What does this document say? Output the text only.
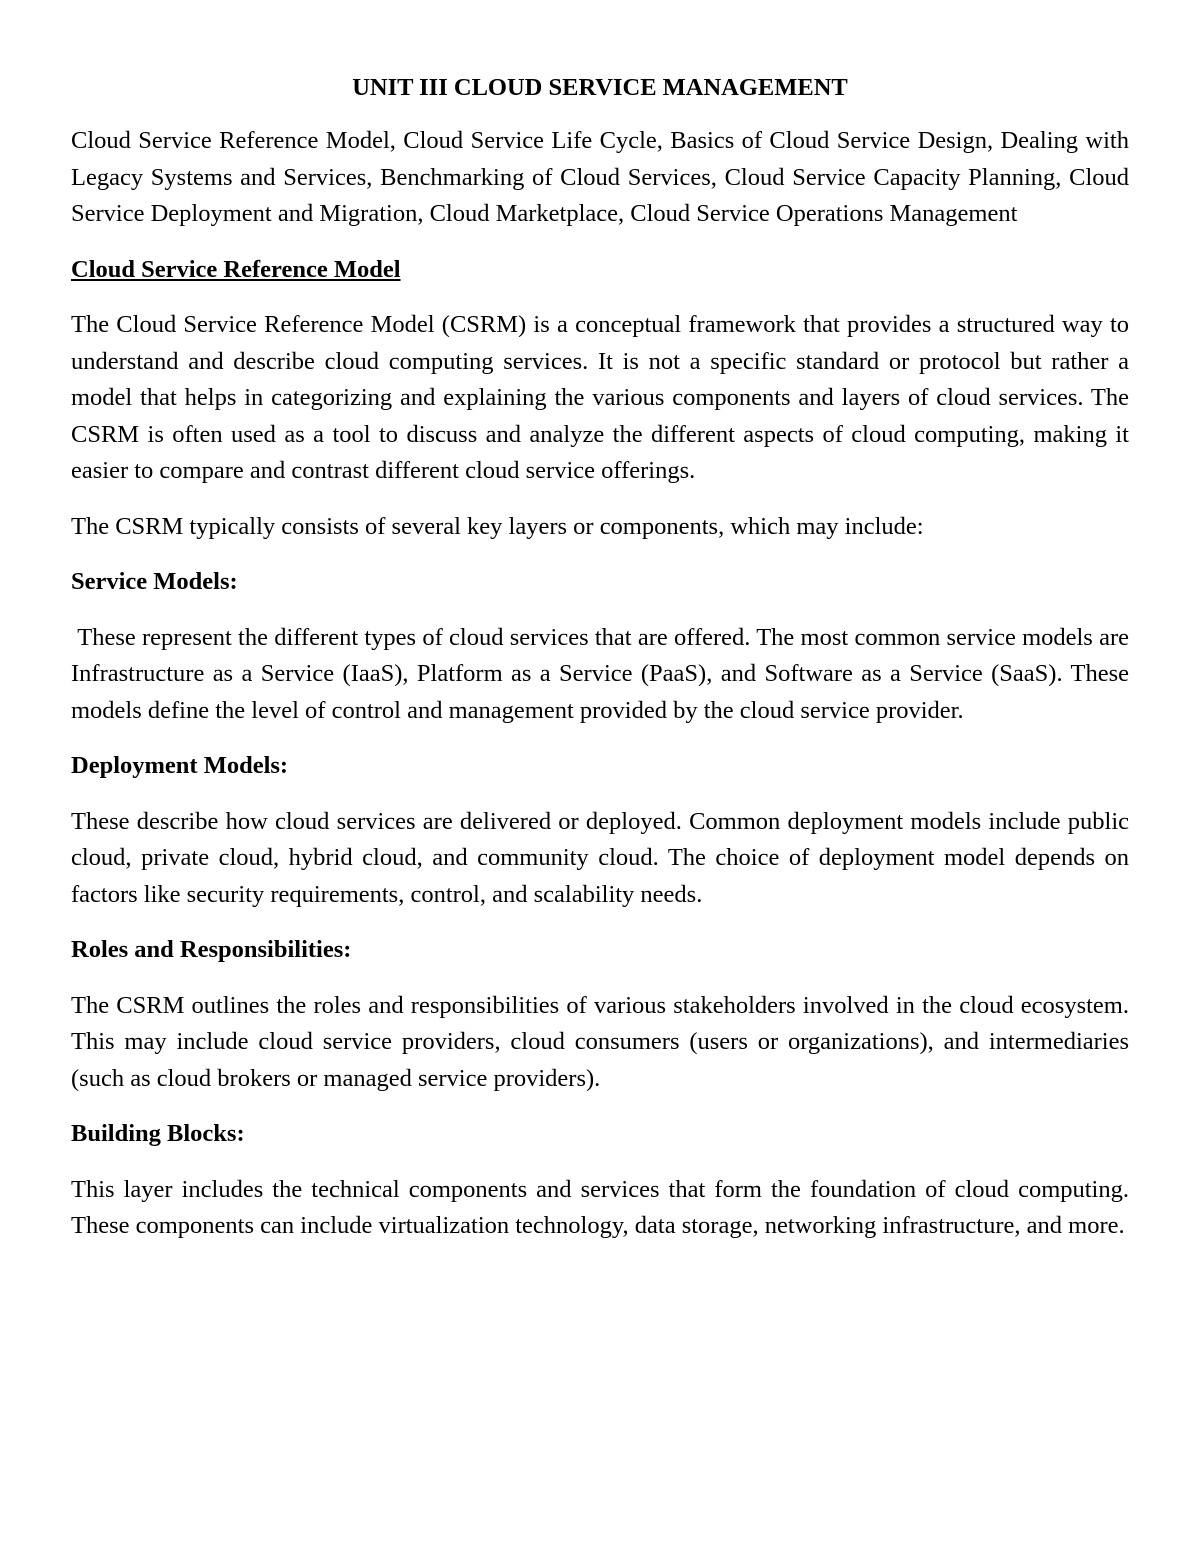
UNIT III CLOUD SERVICE MANAGEMENT

Cloud Service Reference Model, Cloud Service Life Cycle, Basics of Cloud Service Design, Dealing with Legacy Systems and Services, Benchmarking of Cloud Services, Cloud Service Capacity Planning, Cloud Service Deployment and Migration, Cloud Marketplace, Cloud Service Operations Management

Cloud Service Reference Model

The Cloud Service Reference Model (CSRM) is a conceptual framework that provides a structured way to understand and describe cloud computing services. It is not a specific standard or protocol but rather a model that helps in categorizing and explaining the various components and layers of cloud services. The CSRM is often used as a tool to discuss and analyze the different aspects of cloud computing, making it easier to compare and contrast different cloud service offerings.

The CSRM typically consists of several key layers or components, which may include:

Service Models:

These represent the different types of cloud services that are offered. The most common service models are Infrastructure as a Service (IaaS), Platform as a Service (PaaS), and Software as a Service (SaaS). These models define the level of control and management provided by the cloud service provider.

Deployment Models:

These describe how cloud services are delivered or deployed. Common deployment models include public cloud, private cloud, hybrid cloud, and community cloud. The choice of deployment model depends on factors like security requirements, control, and scalability needs.

Roles and Responsibilities:

The CSRM outlines the roles and responsibilities of various stakeholders involved in the cloud ecosystem. This may include cloud service providers, cloud consumers (users or organizations), and intermediaries (such as cloud brokers or managed service providers).

Building Blocks:

This layer includes the technical components and services that form the foundation of cloud computing. These components can include virtualization technology, data storage, networking infrastructure, and more.
